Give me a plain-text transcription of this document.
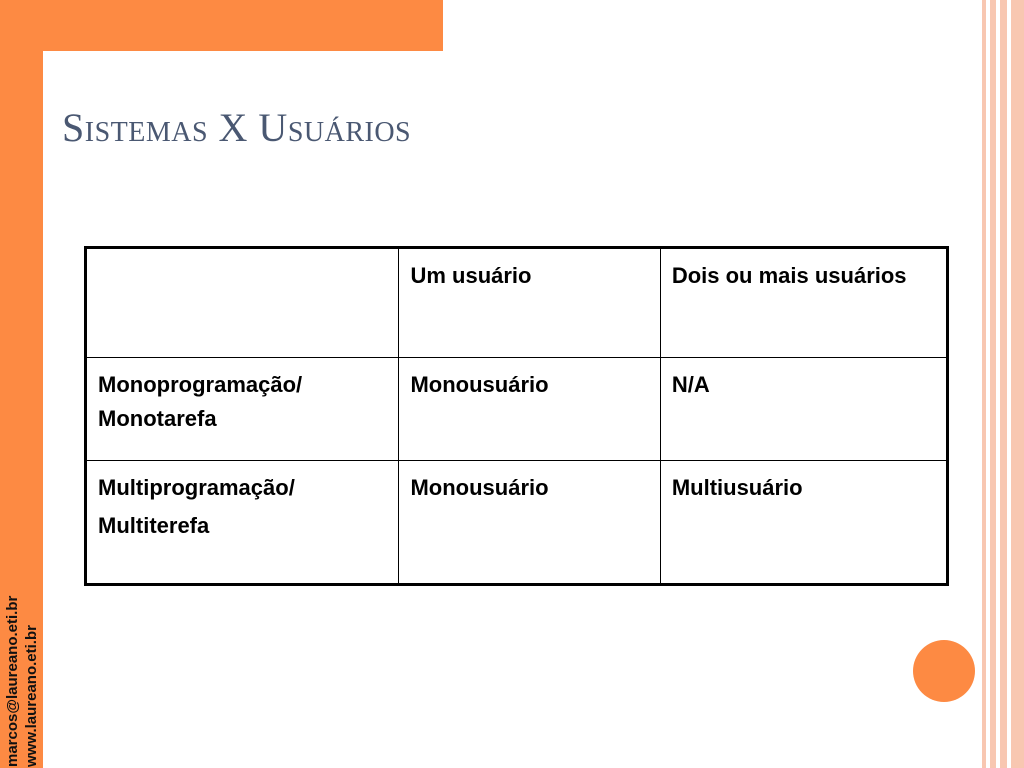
Sistemas X Usuários
marcos@laureano.eti.br www.laureano.eti.br
	Um usuário	Dois ou mais usuários

Monoprogramação/
Monotarefa	Monousuário	N/A

Multiprogramação/
Multiterefa	Monousuário	Multiusuário
